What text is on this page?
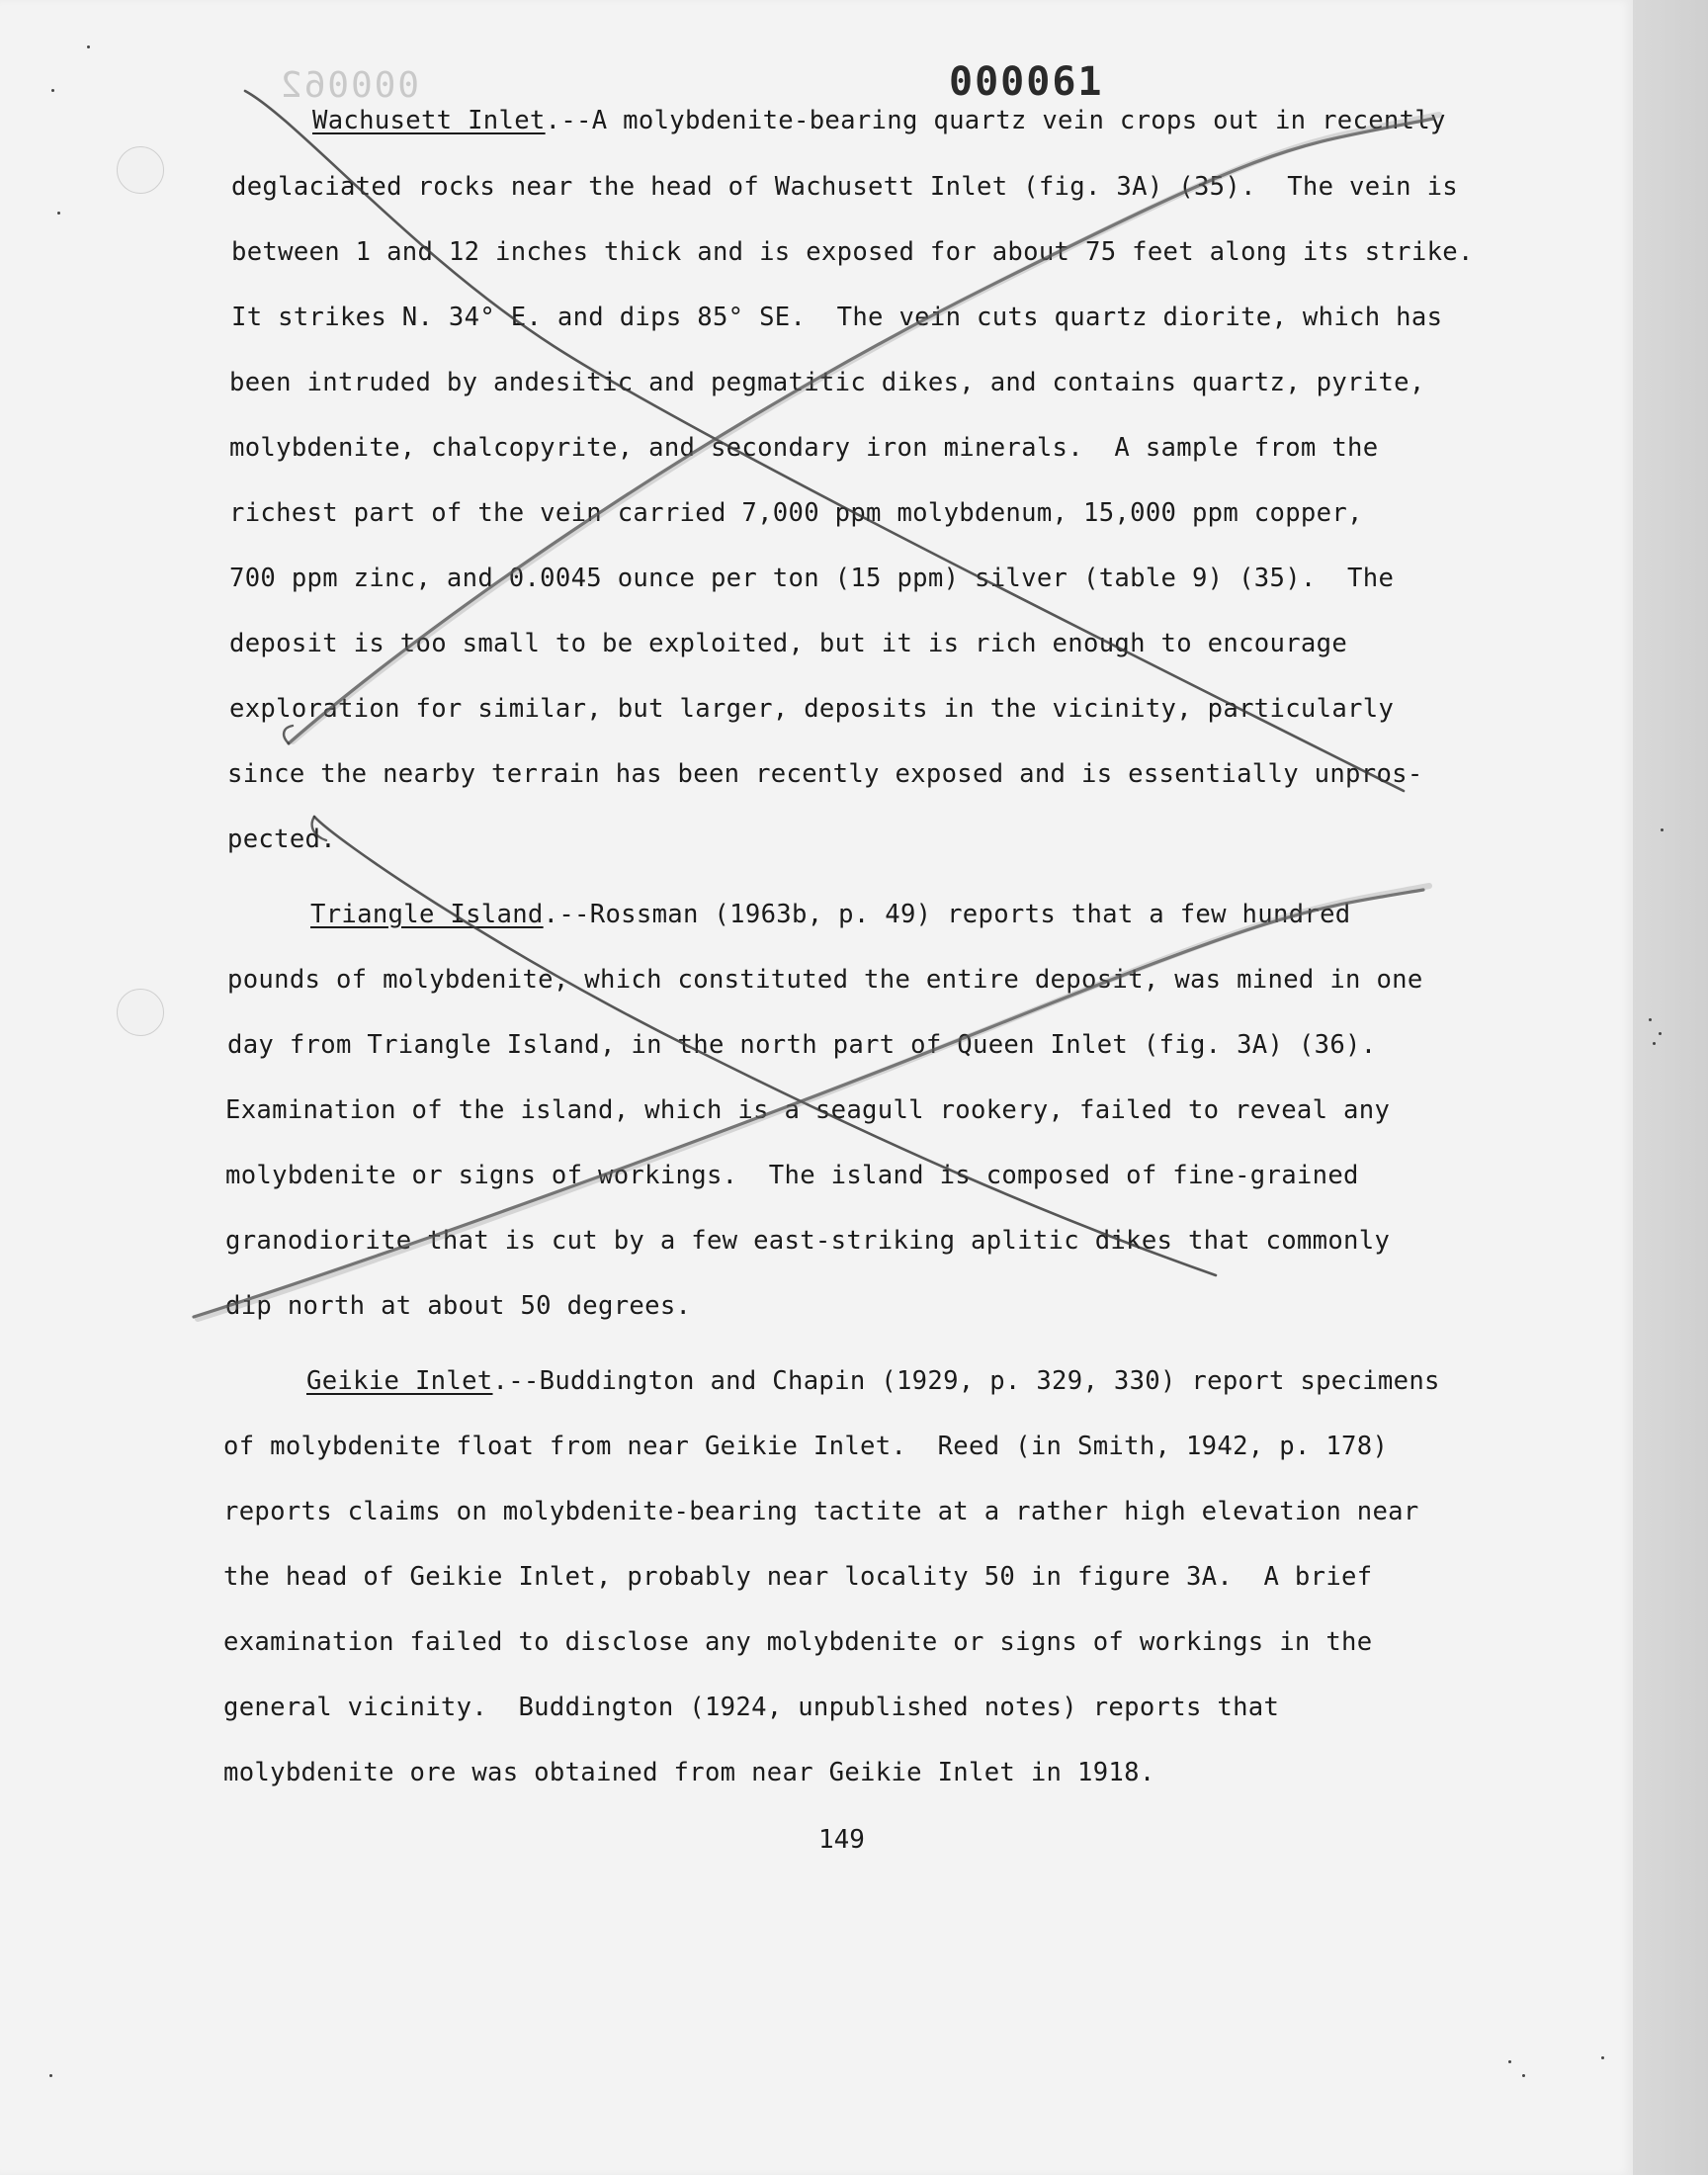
000062	000061
Wachusett Inlet.--A molybdenite-bearing quartz vein crops out in recently
deglaciated rocks near the head of Wachusett Inlet (fig. 3A) (35).  The vein is
between 1 and 12 inches thick and is exposed for about 75 feet along its strike.
It strikes N. 34° E. and dips 85° SE.  The vein cuts quartz diorite, which has
been intruded by andesitic and pegmatitic dikes, and contains quartz, pyrite,
molybdenite, chalcopyrite, and secondary iron minerals.  A sample from the
richest part of the vein carried 7,000 ppm molybdenum, 15,000 ppm copper,
700 ppm zinc, and 0.0045 ounce per ton (15 ppm) silver (table 9) (35).  The
deposit is too small to be exploited, but it is rich enough to encourage
exploration for similar, but larger, deposits in the vicinity, particularly
since the nearby terrain has been recently exposed and is essentially unpros-
pected.
Triangle Island.--Rossman (1963b, p. 49) reports that a few hundred
pounds of molybdenite, which constituted the entire deposit, was mined in one
day from Triangle Island, in the north part of Queen Inlet (fig. 3A) (36).
Examination of the island, which is a seagull rookery, failed to reveal any
molybdenite or signs of workings.  The island is composed of fine-grained
granodiorite that is cut by a few east-striking aplitic dikes that commonly
dip north at about 50 degrees.
Geikie Inlet.--Buddington and Chapin (1929, p. 329, 330) report specimens
of molybdenite float from near Geikie Inlet.  Reed (in Smith, 1942, p. 178)
reports claims on molybdenite-bearing tactite at a rather high elevation near
the head of Geikie Inlet, probably near locality 50 in figure 3A.  A brief
examination failed to disclose any molybdenite or signs of workings in the
general vicinity.  Buddington (1924, unpublished notes) reports that
molybdenite ore was obtained from near Geikie Inlet in 1918.
149
